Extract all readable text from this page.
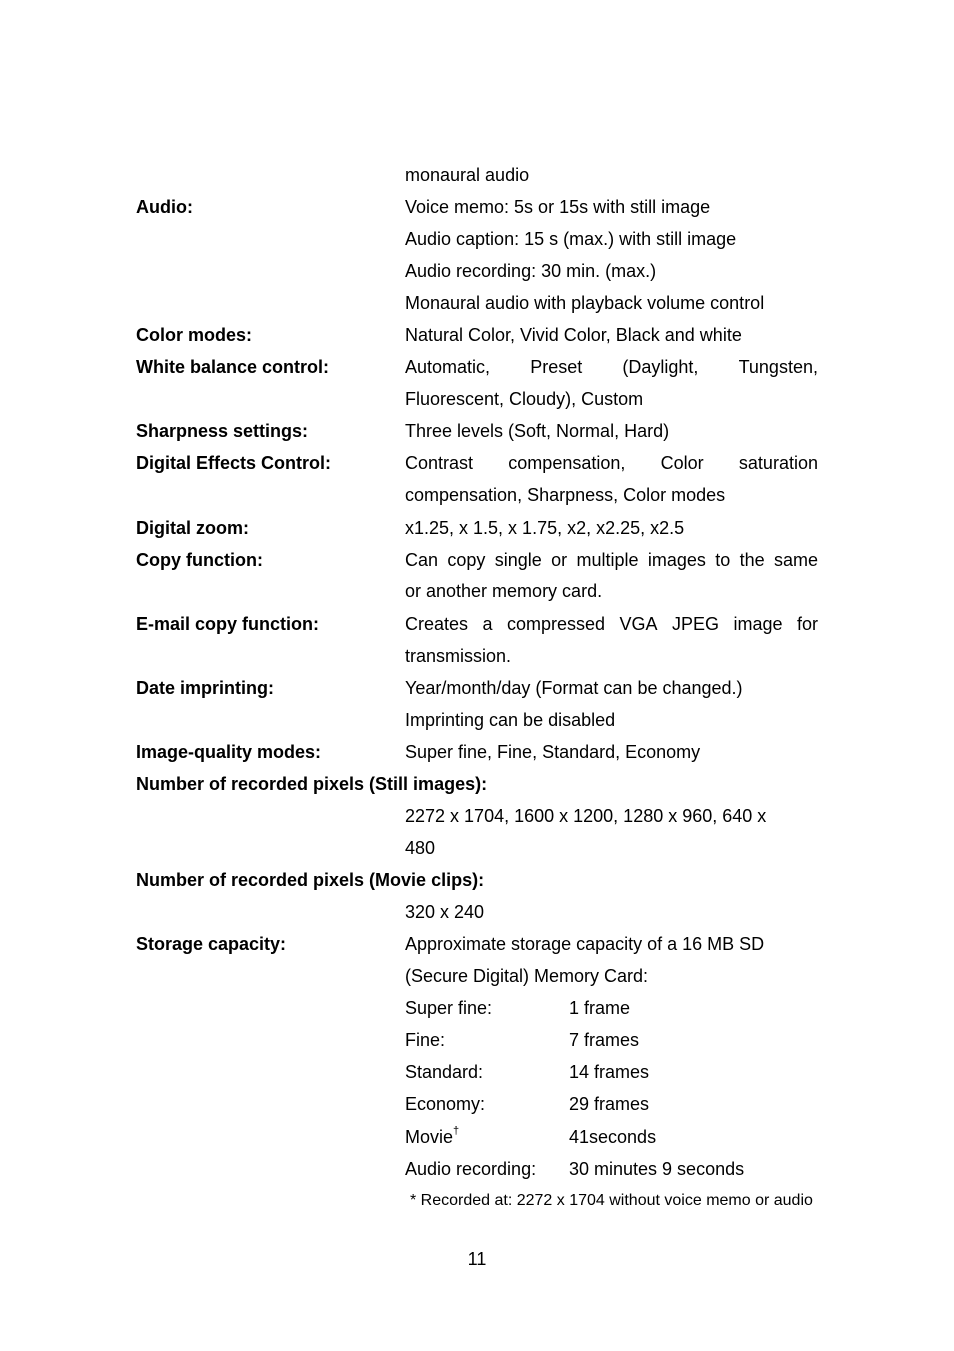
monaural audio
Audio:	Voice memo: 5s or 15s with still image
Audio caption: 15 s (max.) with still image
Audio recording: 30 min. (max.)
Monaural audio with playback volume control
Color modes:	Natural Color, Vivid Color, Black and white
White balance control:	Automatic, Preset (Daylight, Tungsten,
Fluorescent, Cloudy), Custom
Sharpness settings:	Three levels (Soft, Normal, Hard)
Digital Effects Control:	Contrast compensation, Color saturation
compensation, Sharpness, Color modes
Digital zoom:	x1.25, x 1.5, x 1.75, x2, x2.25, x2.5
Copy function:	Can copy single or multiple images to the same
or another memory card.
E-mail copy function:	Creates a compressed VGA JPEG image for
transmission.
Date imprinting:	Year/month/day (Format can be changed.)
Imprinting can be disabled
Image-quality modes:	Super fine, Fine, Standard, Economy
Number of recorded pixels (Still images):
2272 x 1704, 1600 x 1200, 1280 x 960, 640 x
480
Number of recorded pixels (Movie clips):
320 x 240
Storage capacity:	Approximate storage capacity of a 16 MB SD
(Secure Digital) Memory Card:
Super fine:	1 frame
Fine:	7 frames
Standard:	14 frames
Economy:	29 frames
Movie†	41seconds
Audio recording: 30 minutes 9 seconds
* Recorded at: 2272 x 1704 without voice memo or audio
11
